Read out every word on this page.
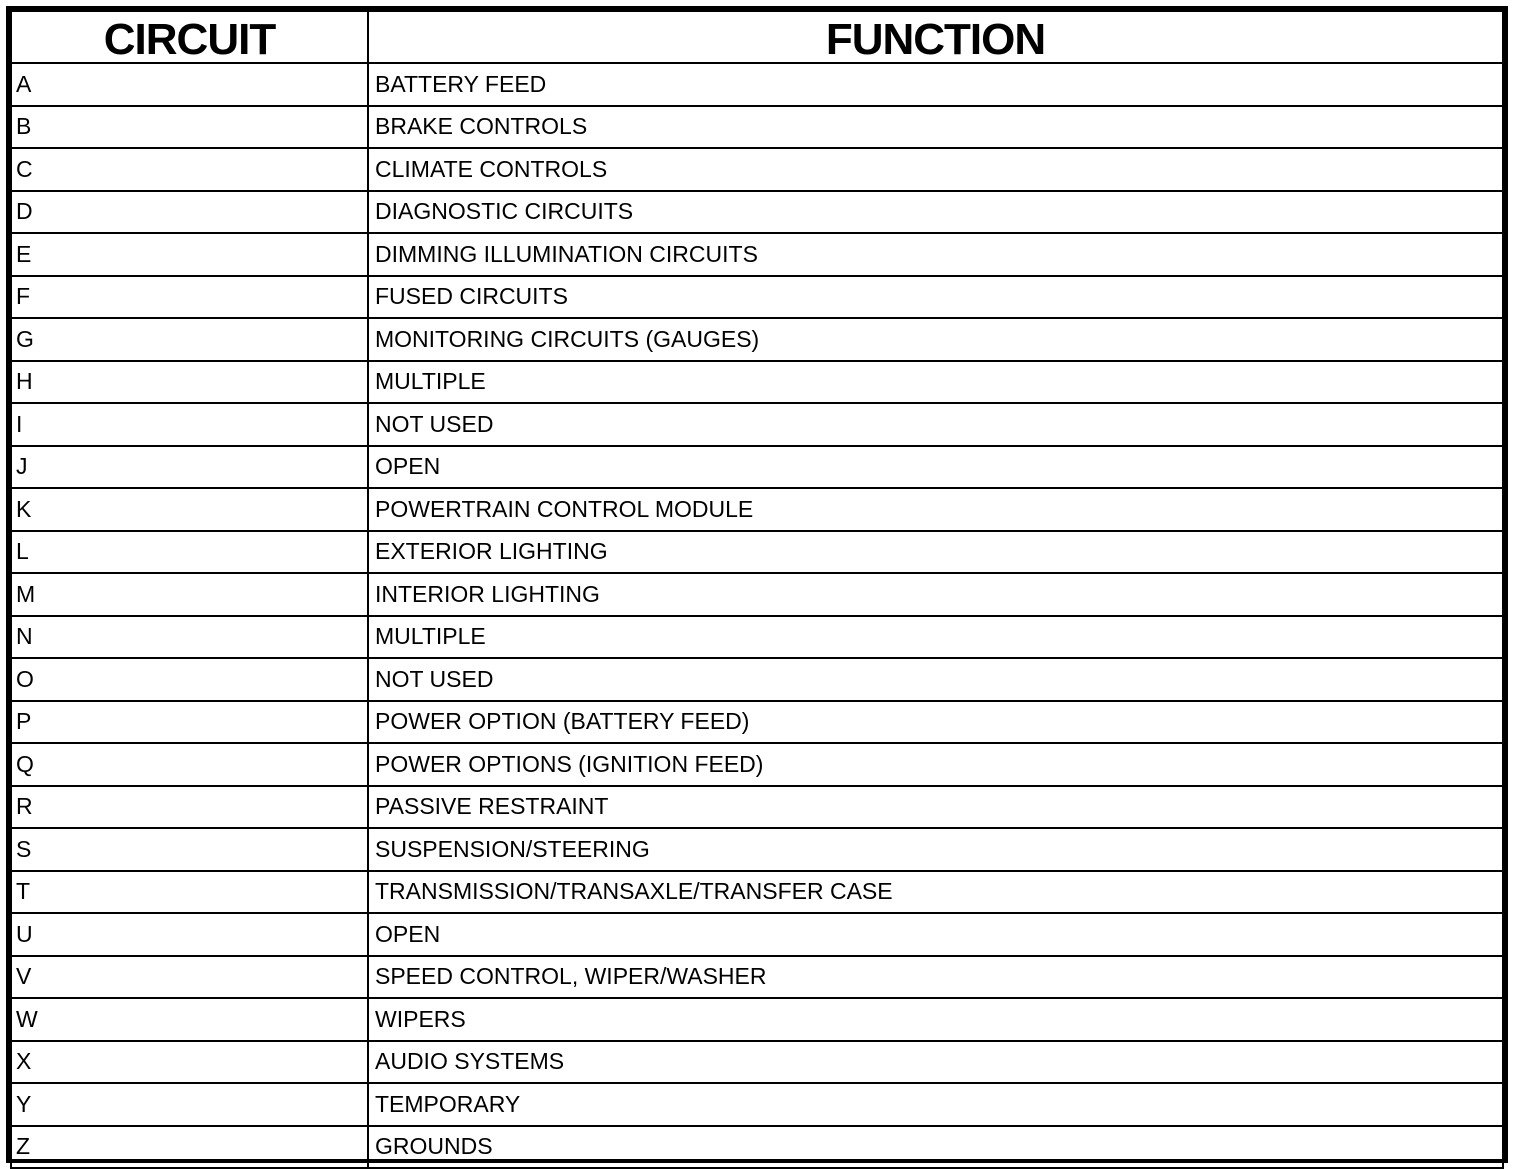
CIRCUIT	FUNCTION
A	BATTERY FEED
B	BRAKE CONTROLS
C	CLIMATE CONTROLS
D	DIAGNOSTIC CIRCUITS
E	DIMMING ILLUMINATION CIRCUITS
F	FUSED CIRCUITS
G	MONITORING CIRCUITS (GAUGES)
H	MULTIPLE
I	NOT USED
J	OPEN
K	POWERTRAIN CONTROL MODULE
L	EXTERIOR LIGHTING
M	INTERIOR LIGHTING
N	MULTIPLE
O	NOT USED
P	POWER OPTION (BATTERY FEED)
Q	POWER OPTIONS (IGNITION FEED)
R	PASSIVE RESTRAINT
S	SUSPENSION/STEERING
T	TRANSMISSION/TRANSAXLE/TRANSFER CASE
U	OPEN
V	SPEED CONTROL, WIPER/WASHER
W	WIPERS
X	AUDIO SYSTEMS
Y	TEMPORARY
Z	GROUNDS
